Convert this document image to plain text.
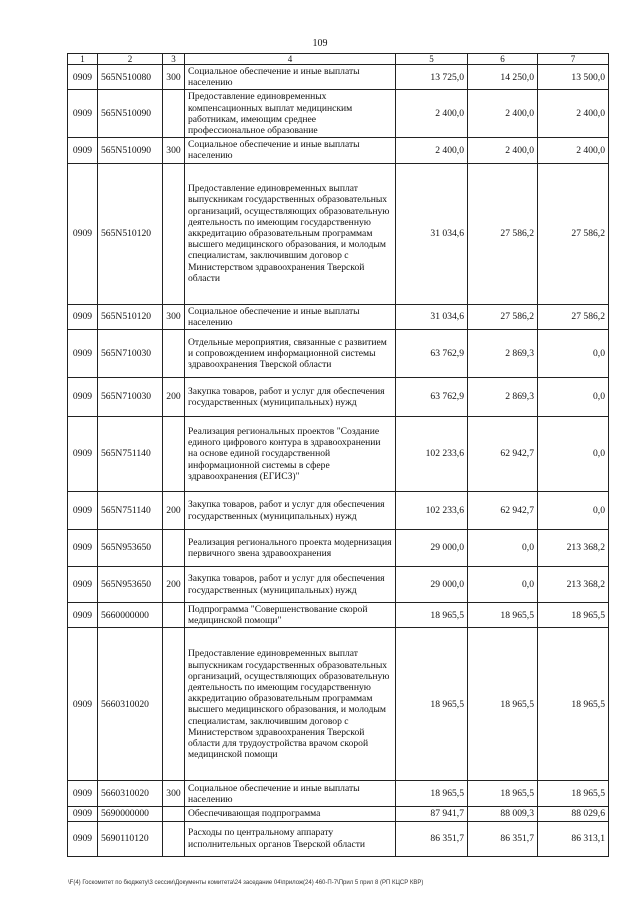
109
1	2	3	4	5	6	7
0909	565N510080	300	Социальное обеспечение и иные выплаты населению	13 725,0	14 250,0	13 500,0
0909	565N510090		Предоставление единовременных компенсационных выплат медицинским работникам, имеющим среднее профессиональное образование	2 400,0	2 400,0	2 400,0
0909	565N510090	300	Социальное обеспечение и иные выплаты населению	2 400,0	2 400,0	2 400,0
0909	565N510120		Предоставление единовременных выплат выпускникам государственных образовательных организаций, осуществляющих образовательную деятельность по имеющим государственную аккредитацию образовательным программам высшего медицинского образования, и молодым специалистам, заключившим договор с Министерством здравоохранения Тверской области	31 034,6	27 586,2	27 586,2
0909	565N510120	300	Социальное обеспечение и иные выплаты населению	31 034,6	27 586,2	27 586,2
0909	565N710030		Отдельные мероприятия, связанные с развитием и сопровождением информационной системы здравоохранения Тверской области	63 762,9	2 869,3	0,0
0909	565N710030	200	Закупка товаров, работ и услуг для обеспечения государственных (муниципальных) нужд	63 762,9	2 869,3	0,0
0909	565N751140		Реализация региональных проектов "Создание единого цифрового контура в здравоохранении на основе единой государственной информационной системы в сфере здравоохранения (ЕГИСЗ)"	102 233,6	62 942,7	0,0
0909	565N751140	200	Закупка товаров, работ и услуг для обеспечения государственных (муниципальных) нужд	102 233,6	62 942,7	0,0
0909	565N953650		Реализация регионального проекта модернизация первичного звена здравоохранения	29 000,0	0,0	213 368,2
0909	565N953650	200	Закупка товаров, работ и услуг для обеспечения государственных (муниципальных) нужд	29 000,0	0,0	213 368,2
0909	5660000000		Подпрограмма "Совершенствование скорой медицинской помощи"	18 965,5	18 965,5	18 965,5
0909	5660310020		Предоставление единовременных выплат выпускникам государственных образовательных организаций, осуществляющих образовательную деятельность по имеющим государственную аккредитацию образовательным программам высшего медицинского образования, и молодым специалистам, заключившим договор с Министерством здравоохранения Тверской области для трудоустройства врачом скорой медицинской помощи	18 965,5	18 965,5	18 965,5
0909	5660310020	300	Социальное обеспечение и иные выплаты населению	18 965,5	18 965,5	18 965,5
0909	5690000000		Обеспечивающая подпрограмма	87 941,7	88 009,3	88 029,6
0909	5690110120		Расходы по центральному аппарату исполнительных органов Тверской области	86 351,7	86 351,7	86 313,1
\F(4) Госкомитет по бюджету\3 сессии\Документы комитета\24 заседание 04\прилож(24) 460-П-7\Прил 5 прил 8 (РП КЦСР КВР)
